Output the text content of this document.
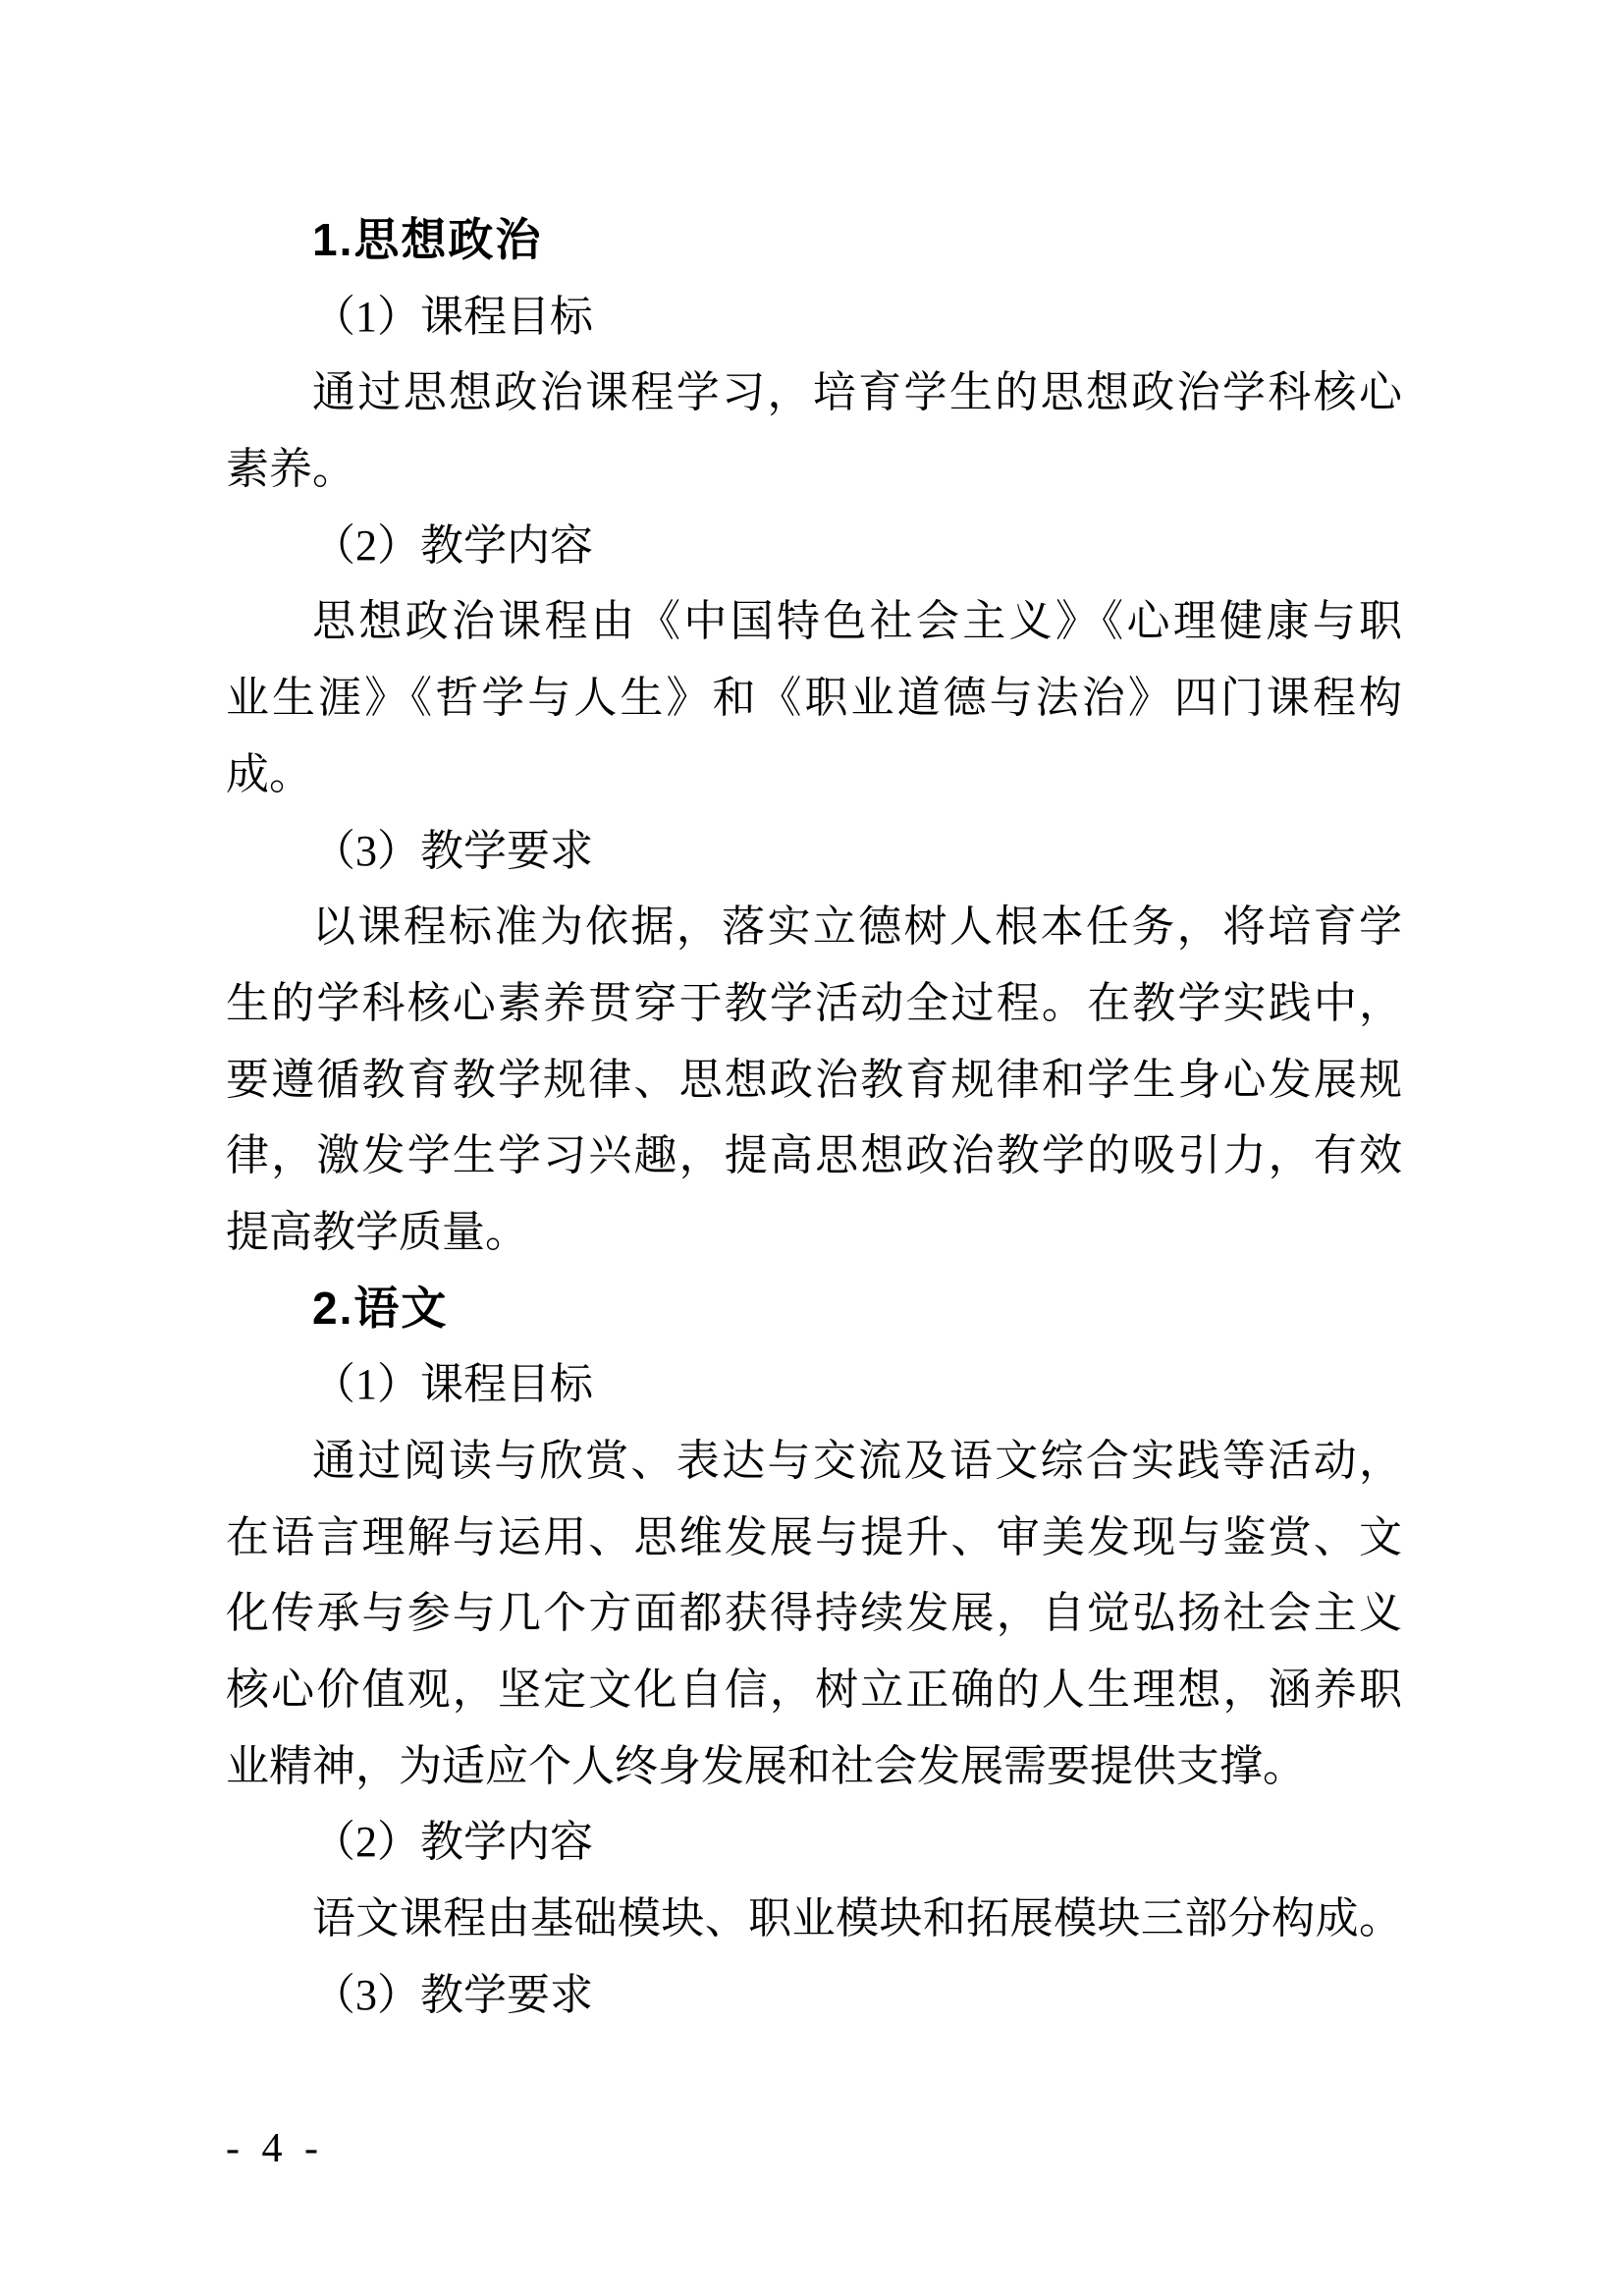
1.思想政治
（1）课程目标
通过思想政治课程学习，培育学生的思想政治学科核心
素养。
（2）教学内容
思想政治课程由《中国特色社会主义》《心理健康与职
业生涯》《哲学与人生》和《职业道德与法治》四门课程构
成。
（3）教学要求
以课程标准为依据，落实立德树人根本任务，将培育学
生的学科核心素养贯穿于教学活动全过程。在教学实践中，
要遵循教育教学规律、思想政治教育规律和学生身心发展规
律，激发学生学习兴趣，提高思想政治教学的吸引力，有效
提高教学质量。
2.语文
（1）课程目标
通过阅读与欣赏、表达与交流及语文综合实践等活动，
在语言理解与运用、思维发展与提升、审美发现与鉴赏、文
化传承与参与几个方面都获得持续发展，自觉弘扬社会主义
核心价值观，坚定文化自信，树立正确的人生理想，涵养职
业精神，为适应个人终身发展和社会发展需要提供支撑。
（2）教学内容
语文课程由基础模块、职业模块和拓展模块三部分构成。
（3）教学要求
- 4 -
